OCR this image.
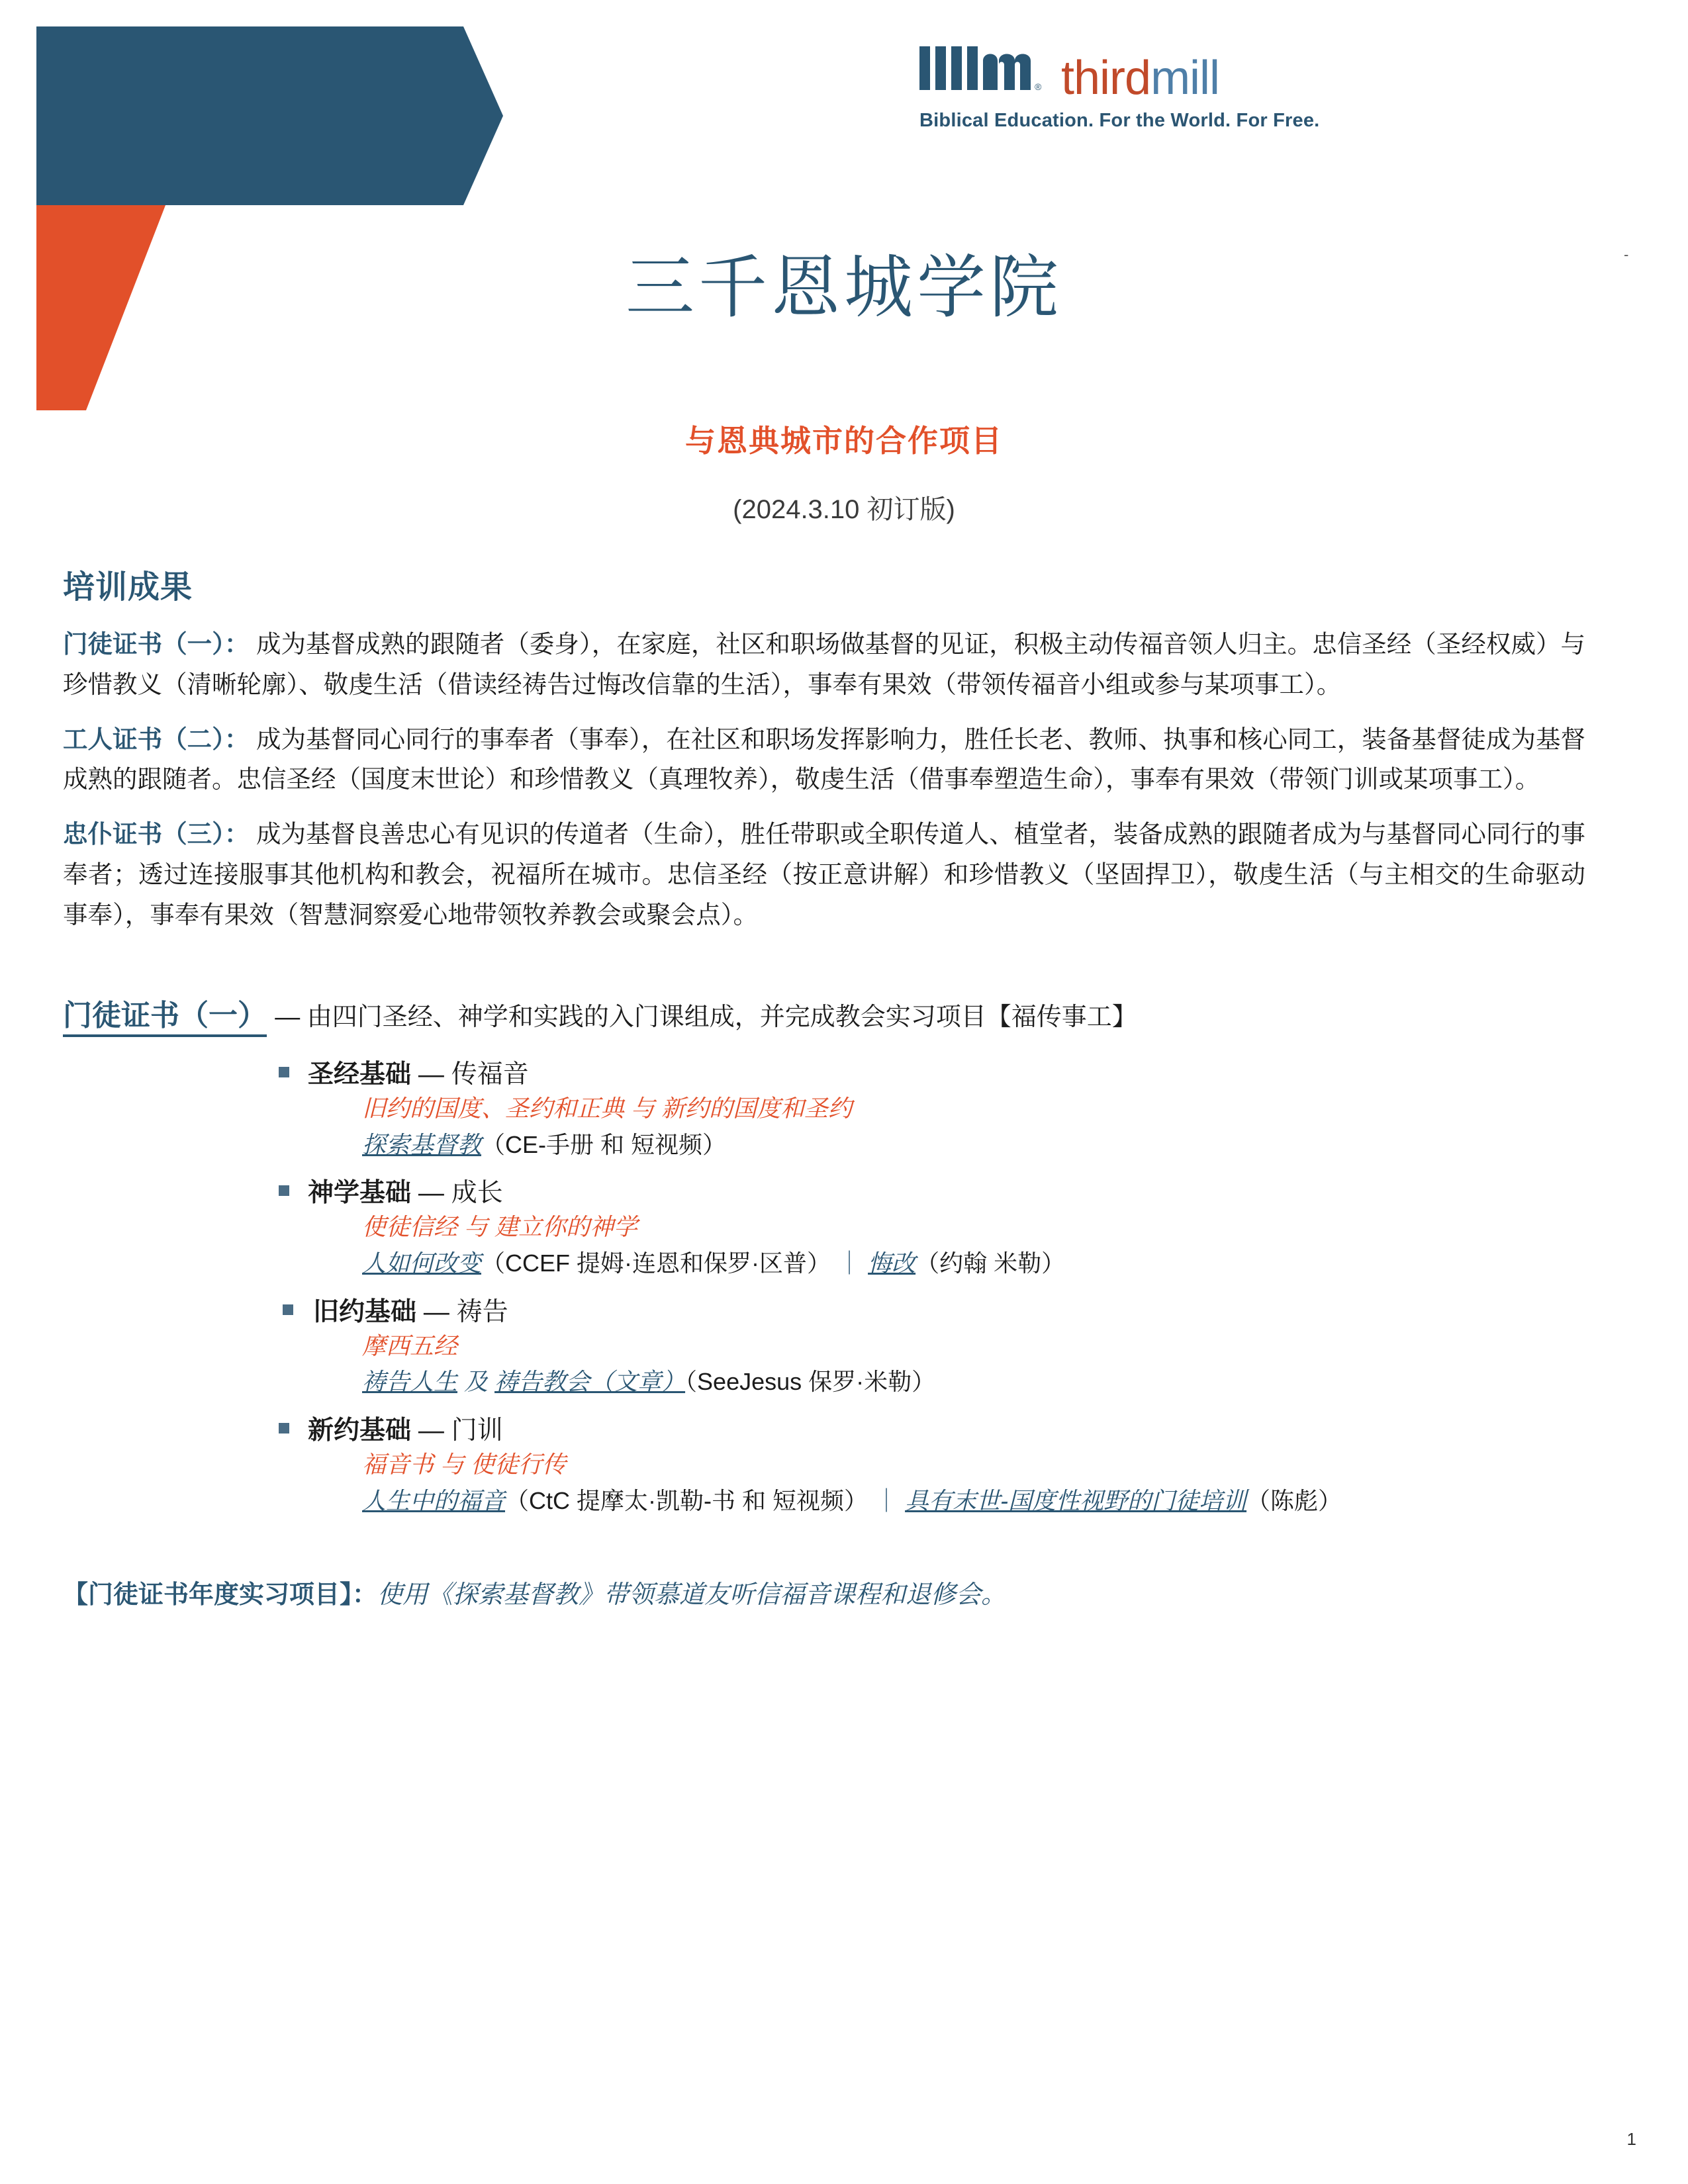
® thirdmill
Biblical Education. For the World. For Free.
-
三千恩城学院
与恩典城市的合作项目
(2024.3.10 初订版)
培训成果

门徒证书（一）： 成为基督成熟的跟随者（委身），在家庭，社区和职场做基督的见证，积极主动传福音领人归主。忠信圣经（圣经权威）与珍惜教义（清晰轮廓）、敬虔生活（借读经祷告过悔改信靠的生活），事奉有果效（带领传福音小组或参与某项事工）。

工人证书（二）： 成为基督同心同行的事奉者（事奉），在社区和职场发挥影响力，胜任长老、教师、执事和核心同工，装备基督徒成为基督成熟的跟随者。忠信圣经（国度末世论）和珍惜教义（真理牧养），敬虔生活（借事奉塑造生命），事奉有果效（带领门训或某项事工）。

忠仆证书（三）： 成为基督良善忠心有见识的传道者（生命），胜任带职或全职传道人、植堂者，装备成熟的跟随者成为与基督同心同行的事奉者；透过连接服事其他机构和教会，祝福所在城市。忠信圣经（按正意讲解）和珍惜教义（坚固捍卫），敬虔生活（与主相交的生命驱动事奉），事奉有果效（智慧洞察爱心地带领牧养教会或聚会点）。

门徒证书（一） — 由四门圣经、神学和实践的入门课组成，并完成教会实习项目【福传事工】
圣经基础 — 传福音
旧约的国度、圣约和正典 与 新约的国度和圣约
探索基督教（CE-手册 和 短视频）
神学基础 — 成长
使徒信经 与 建立你的神学
人如何改变（CCEF 提姆·连恩和保罗·区普） ｜ 悔改（约翰 米勒）
旧约基础 — 祷告
摩西五经
祷告人生 及 祷告教会（文章）（SeeJesus 保罗·米勒）
新约基础 — 门训
福音书 与 使徒行传
人生中的福音（CtC 提摩太·凯勒-书 和 短视频） ｜ 具有末世-国度性视野的门徒培训（陈彪）

【门徒证书年度实习项目】：使用《探索基督教》带领慕道友听信福音课程和退修会。

1
